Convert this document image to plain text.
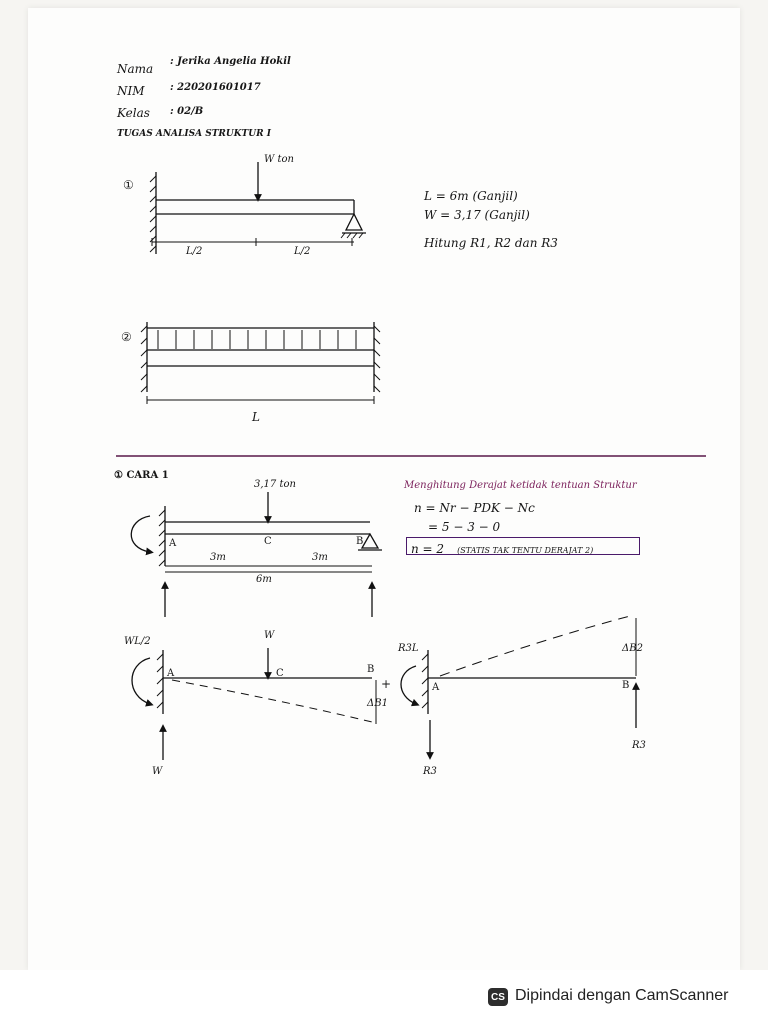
Nama
: Jerika Angelia Hokil
NIM	: 220201601017
Kelas : 02/B
TUGAS ANALISA STRUKTUR I
①
W ton
L/2	L/2
L = 6m (Ganjil)
W = 3,17 (Ganjil)
Hitung R1, R2 dan R3
②
L
① CARA 1
3,17 ton
A	B
C
3m	3m
6m
Menghitung Derajat ketidak tentuan Struktur
n = Nr − PDK − Nc
= 5 − 3 − 0
n = 2 (STATIS TAK TENTU DERAJAT 2)
WL/2
W
A	C	B
ΔB1
W
+
R3L
A	B
ΔB2
R3
R3
CS Dipindai dengan CamScanner
